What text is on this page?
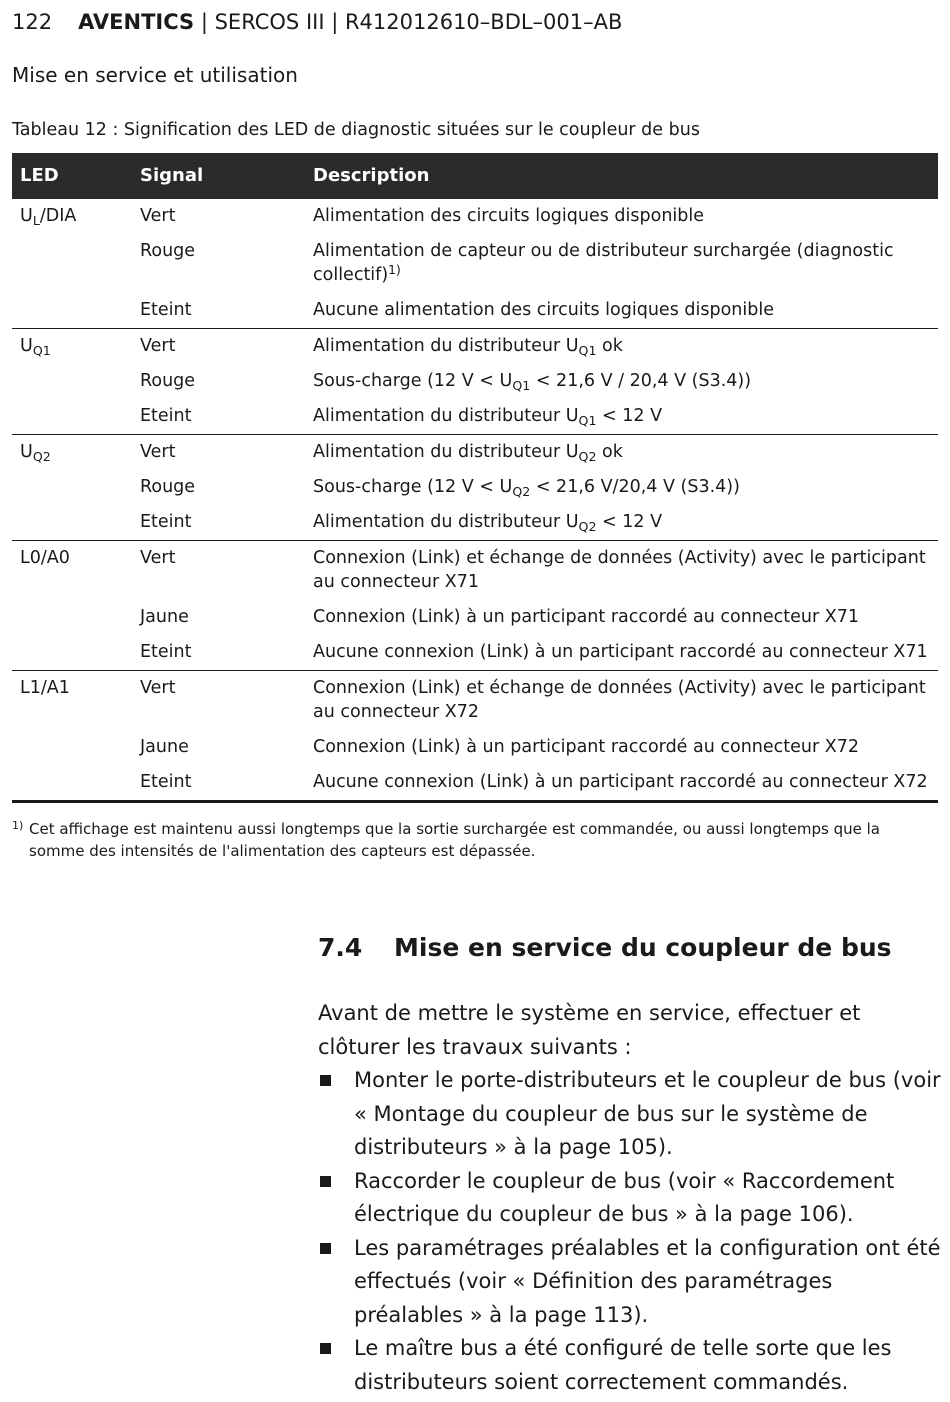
122 AVENTICS | SERCOS III | R412012610–BDL–001–AB
Mise en service et utilisation
Tableau 12 : Signification des LED de diagnostic situées sur le coupleur de bus
LED	Signal	Description
$U_L$/DIA	Vert	Alimentation des circuits logiques disponible
	Rouge	Alimentation de capteur ou de distributeur surchargée (diagnostic collectif)$^{1)}$
	Eteint	Aucune alimentation des circuits logiques disponible
$U_{Q1}$	Vert	Alimentation du distributeur $U_{Q1}$ ok
	Rouge	Sous-charge (12 $V < U_{Q1} < 21,6$ V / 20,4 V (S3.4))
	Eteint	Alimentation du distributeur $U_{Q1} < 12$ V
$U_{Q2}$	Vert	Alimentation du distributeur $U_{Q2}$ ok
	Rouge	Sous-charge (12 $V < U_{Q2} < 21,6$ V/20,4 V (S3.4))
	Eteint	Alimentation du distributeur $U_{Q2} < 12$ V
L0/A0	Vert	Connexion (Link) et échange de données (Activity) avec le participant au connecteur X71
	Jaune	Connexion (Link) à un participant raccordé au connecteur X71
	Eteint	Aucune connexion (Link) à un participant raccordé au connecteur X71
L1/A1	Vert	Connexion (Link) et échange de données (Activity) avec le participant au connecteur X72
	Jaune	Connexion (Link) à un participant raccordé au connecteur X72
	Eteint	Aucune connexion (Link) à un participant raccordé au connecteur X72
1) Cet affichage est maintenu aussi longtemps que la sortie surchargée est commandée, ou aussi longtemps que la somme des intensités de l'alimentation des capteurs est dépassée.
7.4 Mise en service du coupleur de bus
Avant de mettre le système en service, effectuer et clôturer les travaux suivants :
Monter le porte-distributeurs et le coupleur de bus (voir « Montage du coupleur de bus sur le système de distributeurs » à la page 105).
Raccorder le coupleur de bus (voir « Raccordement électrique du coupleur de bus » à la page 106).
Les paramétrages préalables et la configuration ont été effectués (voir « Définition des paramétrages préalables » à la page 113).
Le maître bus a été configuré de telle sorte que les distributeurs soient correctement commandés.
